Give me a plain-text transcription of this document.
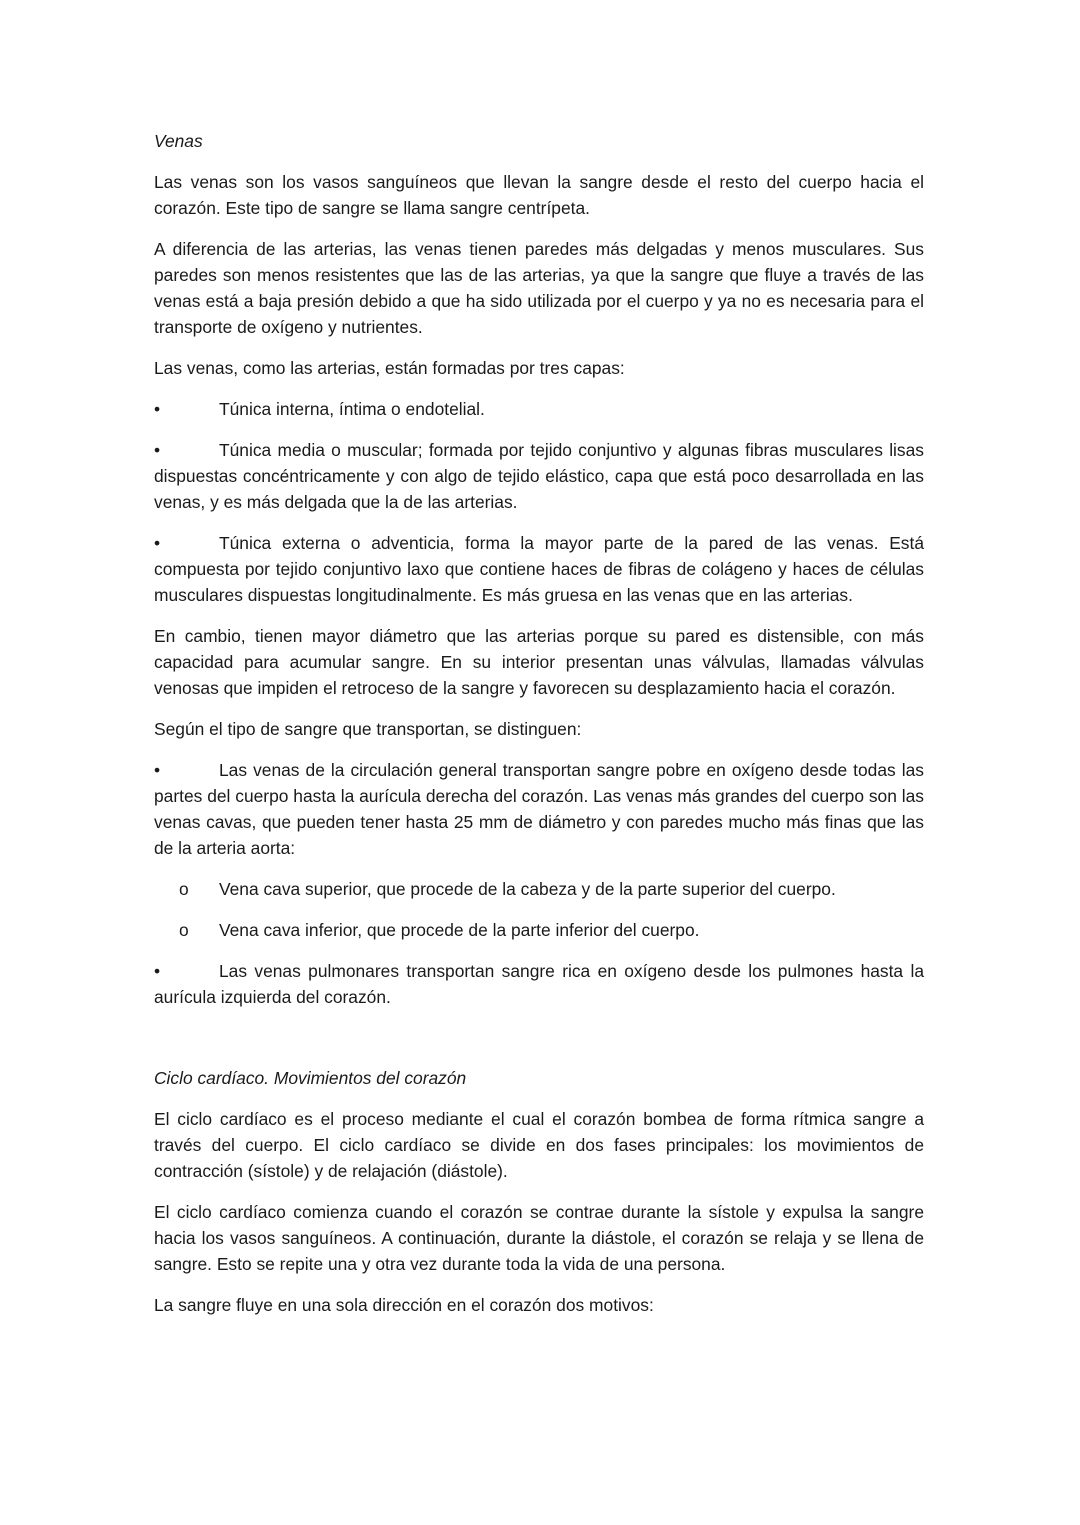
Venas

Las venas son los vasos sanguíneos que llevan la sangre desde el resto del cuerpo hacia el corazón. Este tipo de sangre se llama sangre centrípeta.

A diferencia de las arterias, las venas tienen paredes más delgadas y menos musculares. Sus paredes son menos resistentes que las de las arterias, ya que la sangre que fluye a través de las venas está a baja presión debido a que ha sido utilizada por el cuerpo y ya no es necesaria para el transporte de oxígeno y nutrientes.

Las venas, como las arterias, están formadas por tres capas:

•	Túnica interna, íntima o endotelial.

•	Túnica media o muscular; formada por tejido conjuntivo y algunas fibras musculares lisas dispuestas concéntricamente y con algo de tejido elástico, capa que está poco desarrollada en las venas, y es más delgada que la de las arterias.

•	Túnica externa o adventicia, forma la mayor parte de la pared de las venas. Está compuesta por tejido conjuntivo laxo que contiene haces de fibras de colágeno y haces de células musculares dispuestas longitudinalmente. Es más gruesa en las venas que en las arterias.

En cambio, tienen mayor diámetro que las arterias porque su pared es distensible, con más capacidad para acumular sangre. En su interior presentan unas válvulas, llamadas válvulas venosas que impiden el retroceso de la sangre y favorecen su desplazamiento hacia el corazón.

Según el tipo de sangre que transportan, se distinguen:

•	Las venas de la circulación general transportan sangre pobre en oxígeno desde todas las partes del cuerpo hasta la aurícula derecha del corazón. Las venas más grandes del cuerpo son las venas cavas, que pueden tener hasta 25 mm de diámetro y con paredes mucho más finas que las de la arteria aorta:

o Vena cava superior, que procede de la cabeza y de la parte superior del cuerpo.

o Vena cava inferior, que procede de la parte inferior del cuerpo.

•	Las venas pulmonares transportan sangre rica en oxígeno desde los pulmones hasta la aurícula izquierda del corazón.

Ciclo cardíaco. Movimientos del corazón

El ciclo cardíaco es el proceso mediante el cual el corazón bombea de forma rítmica sangre a través del cuerpo. El ciclo cardíaco se divide en dos fases principales: los movimientos de contracción (sístole) y de relajación (diástole).

El ciclo cardíaco comienza cuando el corazón se contrae durante la sístole y expulsa la sangre hacia los vasos sanguíneos. A continuación, durante la diástole, el corazón se relaja y se llena de sangre. Esto se repite una y otra vez durante toda la vida de una persona.

La sangre fluye en una sola dirección en el corazón dos motivos:
